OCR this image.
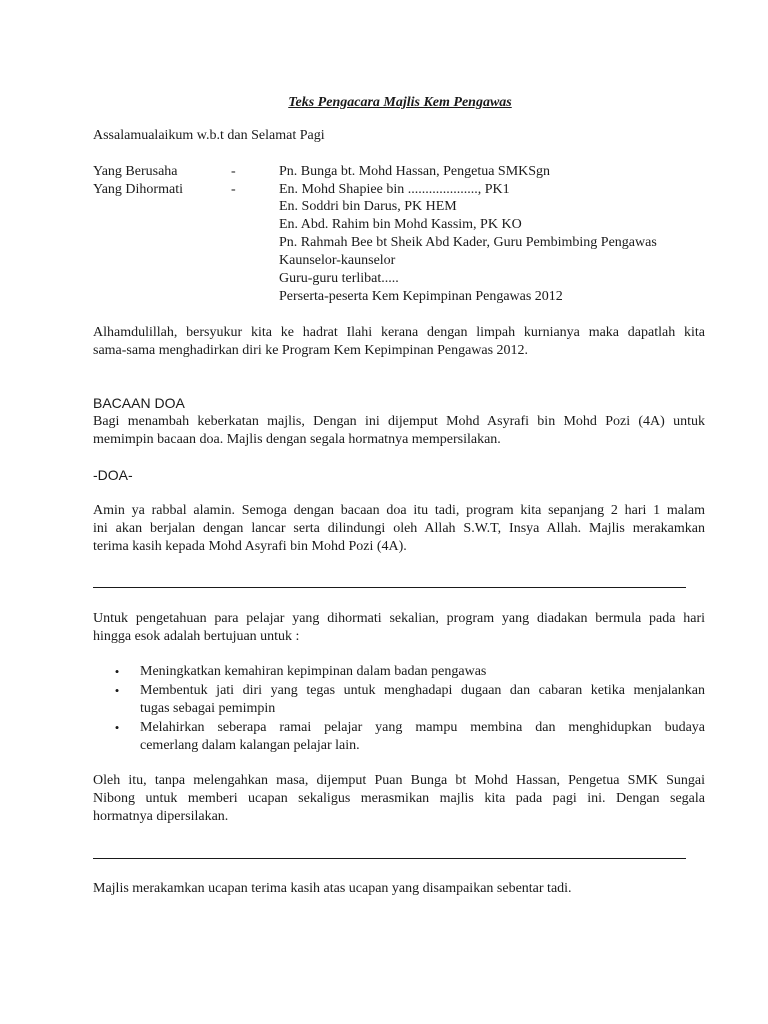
Teks Pengacara Majlis Kem Pengawas
Assalamualaikum w.b.t dan Selamat Pagi
Yang Berusaha	-
Yang Dihormati	-
Pn. Bunga bt. Mohd Hassan, Pengetua SMKSgn
En. Mohd Shapiee bin ...................., PK1
En. Soddri bin Darus, PK HEM
En. Abd. Rahim bin Mohd Kassim, PK KO
Pn. Rahmah Bee bt Sheik Abd Kader, Guru Pembimbing Pengawas
Kaunselor-kaunselor
Guru-guru terlibat.....
Perserta-peserta Kem Kepimpinan Pengawas 2012
Alhamdulillah, bersyukur kita ke hadrat Ilahi kerana dengan limpah kurnianya maka dapatlah kita
sama-sama menghadirkan diri ke Program Kem Kepimpinan Pengawas 2012.
BACAAN DOA
Bagi menambah keberkatan majlis, Dengan ini dijemput Mohd Asyrafi bin Mohd Pozi (4A) untuk
memimpin bacaan doa. Majlis dengan segala hormatnya mempersilakan.
-DOA-
Amin ya rabbal alamin. Semoga dengan bacaan doa itu tadi, program kita sepanjang 2 hari 1 malam
ini akan berjalan dengan lancar serta dilindungi oleh Allah S.W.T, Insya Allah. Majlis merakamkan
terima kasih kepada Mohd Asyrafi bin Mohd Pozi (4A).
Untuk pengetahuan para pelajar yang dihormati sekalian, program yang diadakan bermula pada hari
hingga esok adalah bertujuan untuk :
• Meningkatkan kemahiran kepimpinan dalam badan pengawas
• Membentuk jati diri yang tegas untuk menghadapi dugaan dan cabaran ketika menjalankan
tugas sebagai pemimpin
• Melahirkan seberapa ramai pelajar yang mampu membina dan menghidupkan budaya
cemerlang dalam kalangan pelajar lain.
Oleh itu, tanpa melengahkan masa, dijemput Puan Bunga bt Mohd Hassan, Pengetua SMK Sungai
Nibong untuk memberi ucapan sekaligus merasmikan majlis kita pada pagi ini. Dengan segala
hormatnya dipersilakan.
Majlis merakamkan ucapan terima kasih atas ucapan yang disampaikan sebentar tadi.
